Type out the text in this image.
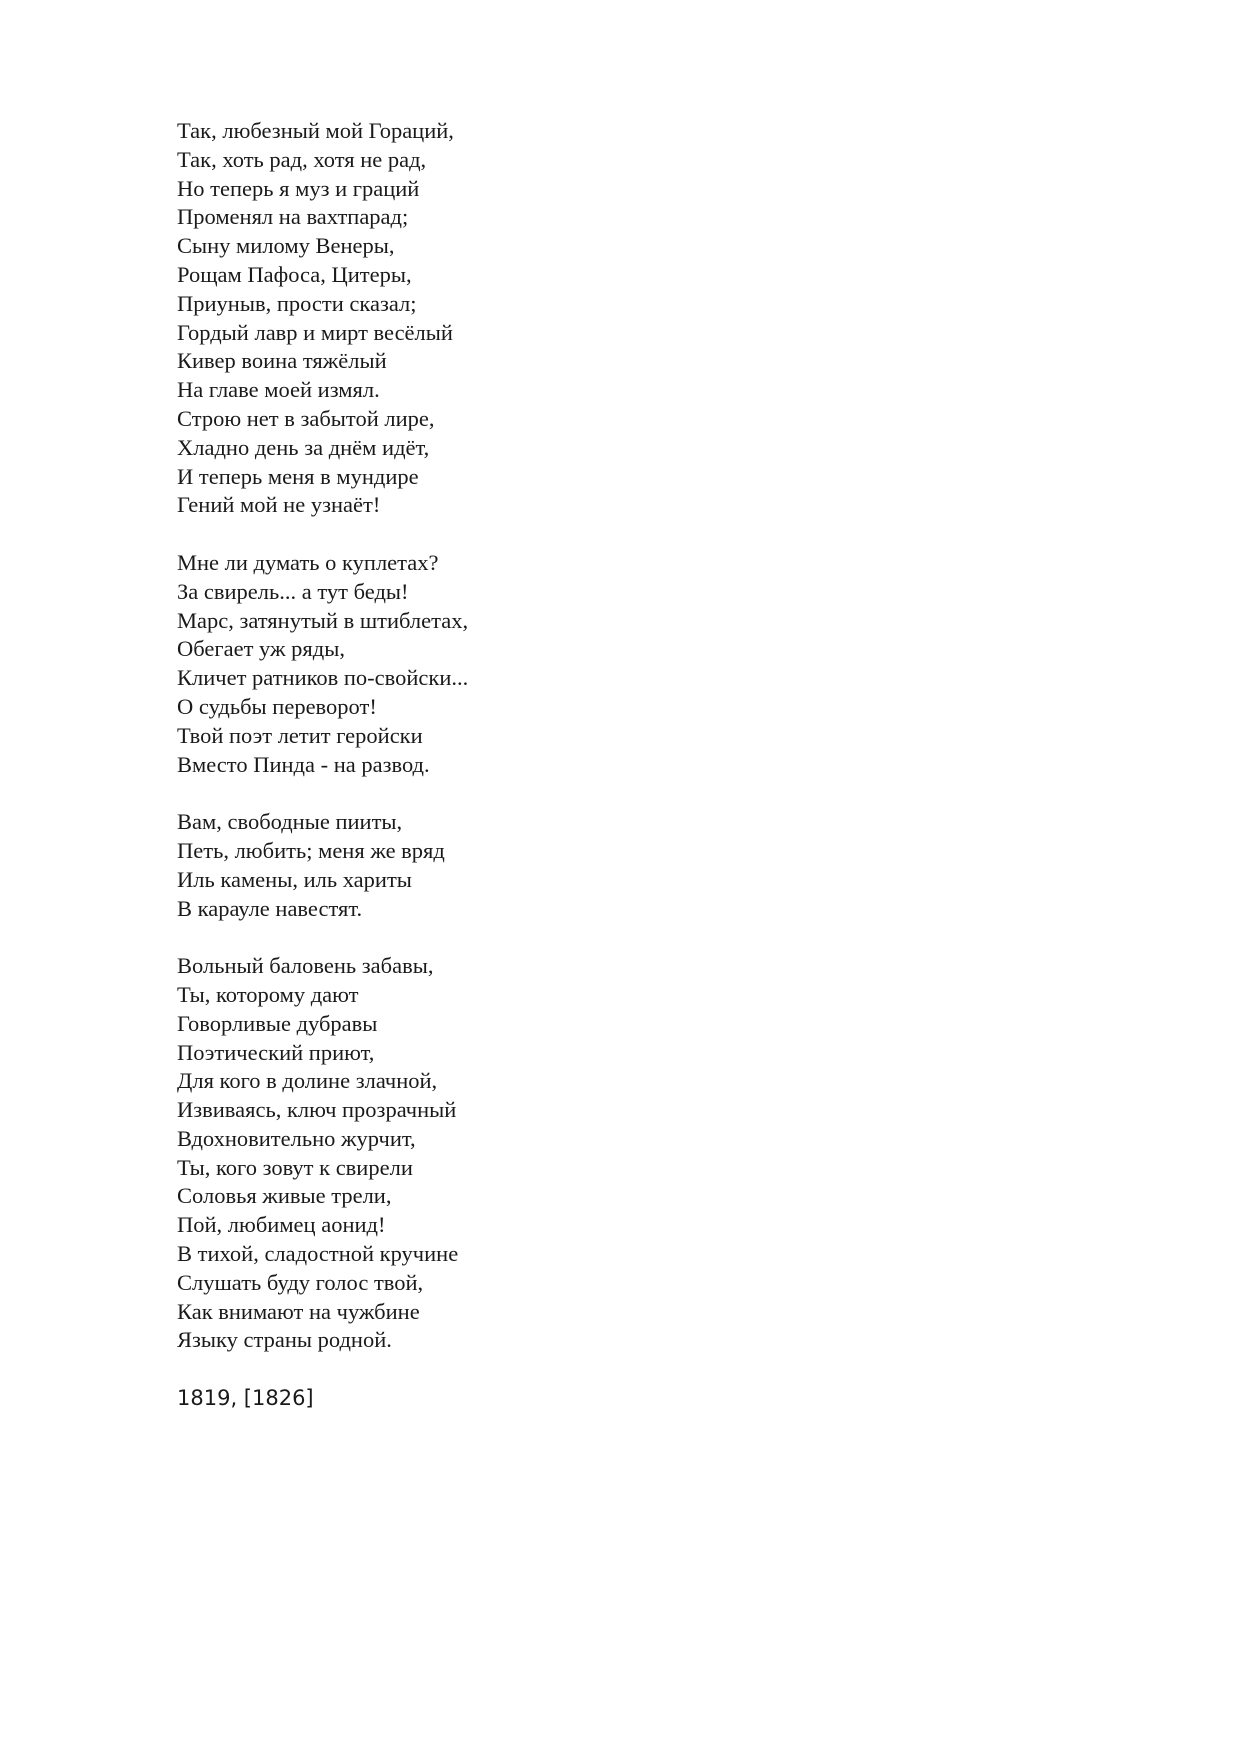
Так, любезный мой Гораций,
Так, хоть рад, хотя не рад,
Но теперь я муз и граций
Променял на вахтпарад;
Сыну милому Венеры,
Рощам Пафоса, Цитеры,
Приуныв, прости сказал;
Гордый лавр и мирт весёлый
Кивер воина тяжёлый
На главе моей измял.
Строю нет в забытой лире,
Хладно день за днём идёт,
И теперь меня в мундире
Гений мой не узнаёт!
Мне ли думать о куплетах?
За свирель... а тут беды!
Марс, затянутый в штиблетах,
Обегает уж ряды,
Кличет ратников по-свойски...
О судьбы переворот!
Твой поэт летит геройски
Вместо Пинда - на развод.
Вам, свободные пииты,
Петь, любить; меня же вряд
Иль камены, иль хариты
В карауле навестят.
Вольный баловень забавы,
Ты, которому дают
Говорливые дубравы
Поэтический приют,
Для кого в долине злачной,
Извиваясь, ключ прозрачный
Вдохновительно журчит,
Ты, кого зовут к свирели
Соловья живые трели,
Пой, любимец аонид!
В тихой, сладостной кручине
Слушать буду голос твой,
Как внимают на чужбине
Языку страны родной.
1819, [1826]
